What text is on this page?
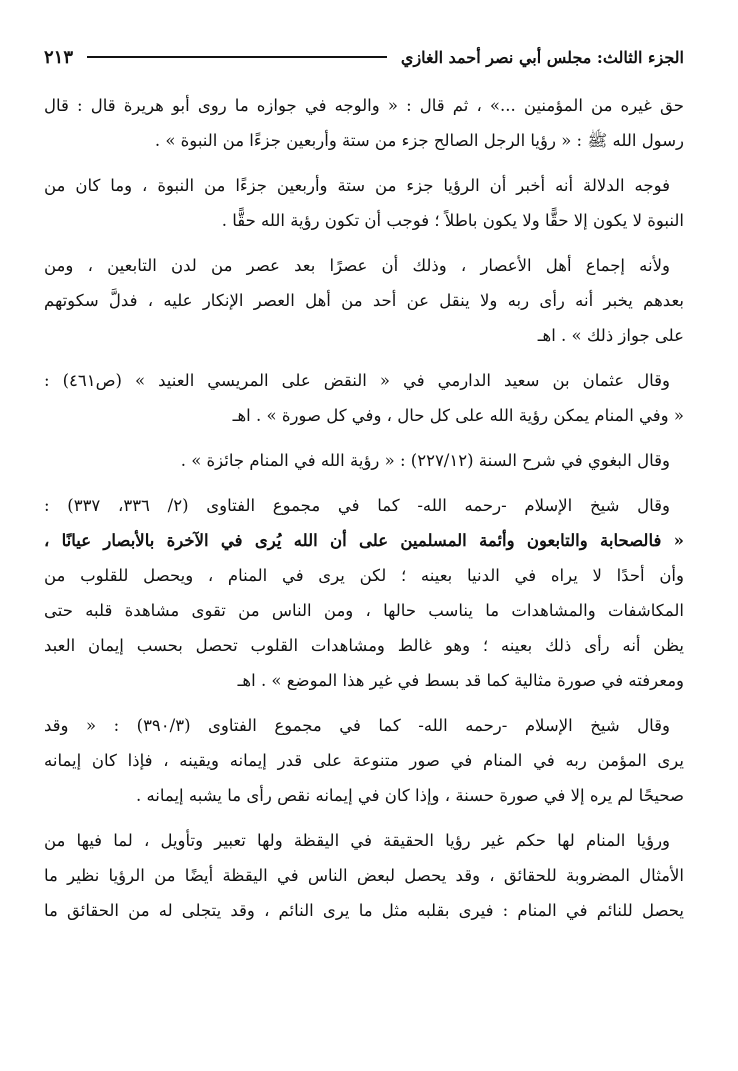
الجزء الثالث: مجلس أبي نصر أحمد الغازي
٢١٣
حق غيره من المؤمنين ...» ، ثم قال : « والوجه في جوازه ما روى أبو هريرة قال : قال
رسول الله ﷺ : « رؤيا الرجل الصالح جزء من ستة وأربعين جزءًا من النبوة » .
فوجه الدلالة أنه أخبر أن الرؤيا جزء من ستة وأربعين جزءًا من النبوة ، وما كان من
النبوة لا يكون إلا حقًّا ولا يكون باطلاً ؛ فوجب أن تكون رؤية الله حقًّا .
ولأنه إجماع أهل الأعصار ، وذلك أن عصرًا بعد عصر من لدن التابعين ، ومن
بعدهم يخبر أنه رأى ربه ولا ينقل عن أحد من أهل العصر الإنكار عليه ، فدلَّ سكوتهم
على جواز ذلك » . اهـ
وقال عثمان بن سعيد الدارمي في « النقض على المريسي العنيد » (ص٤٦١) :
« وفي المنام يمكن رؤية الله على كل حال ، وفي كل صورة » . اهـ
وقال البغوي في شرح السنة (٢٢٧/١٢) : « رؤية الله في المنام جائزة » .
وقال شيخ الإسلام -رحمه الله- كما في مجموع الفتاوى (٢/ ٣٣٦، ٣٣٧) :
« فالصحابة والتابعون وأئمة المسلمين على أن الله يُرى في الآخرة بالأبصار عيانًا ،
وأن أحدًا لا يراه في الدنيا بعينه ؛ لكن يرى في المنام ، ويحصل للقلوب من
المكاشفات والمشاهدات ما يناسب حالها ، ومن الناس من تقوى مشاهدة قلبه حتى
يظن أنه رأى ذلك بعينه ؛ وهو غالط ومشاهدات القلوب تحصل بحسب إيمان العبد
ومعرفته في صورة مثالية كما قد بسط في غير هذا الموضع » . اهـ
وقال شيخ الإسلام -رحمه الله- كما في مجموع الفتاوى (٣٩٠/٣) : « وقد
يرى المؤمن ربه في المنام في صور متنوعة على قدر إيمانه ويقينه ، فإذا كان إيمانه
صحيحًا لم يره إلا في صورة حسنة ، وإذا كان في إيمانه نقص رأى ما يشبه إيمانه .
ورؤيا المنام لها حكم غير رؤيا الحقيقة في اليقظة ولها تعبير وتأويل ، لما فيها من
الأمثال المضروبة للحقائق ، وقد يحصل لبعض الناس في اليقظة أيضًا من الرؤيا نظير ما
يحصل للنائم في المنام : فيرى بقلبه مثل ما يرى النائم ، وقد يتجلى له من الحقائق ما
